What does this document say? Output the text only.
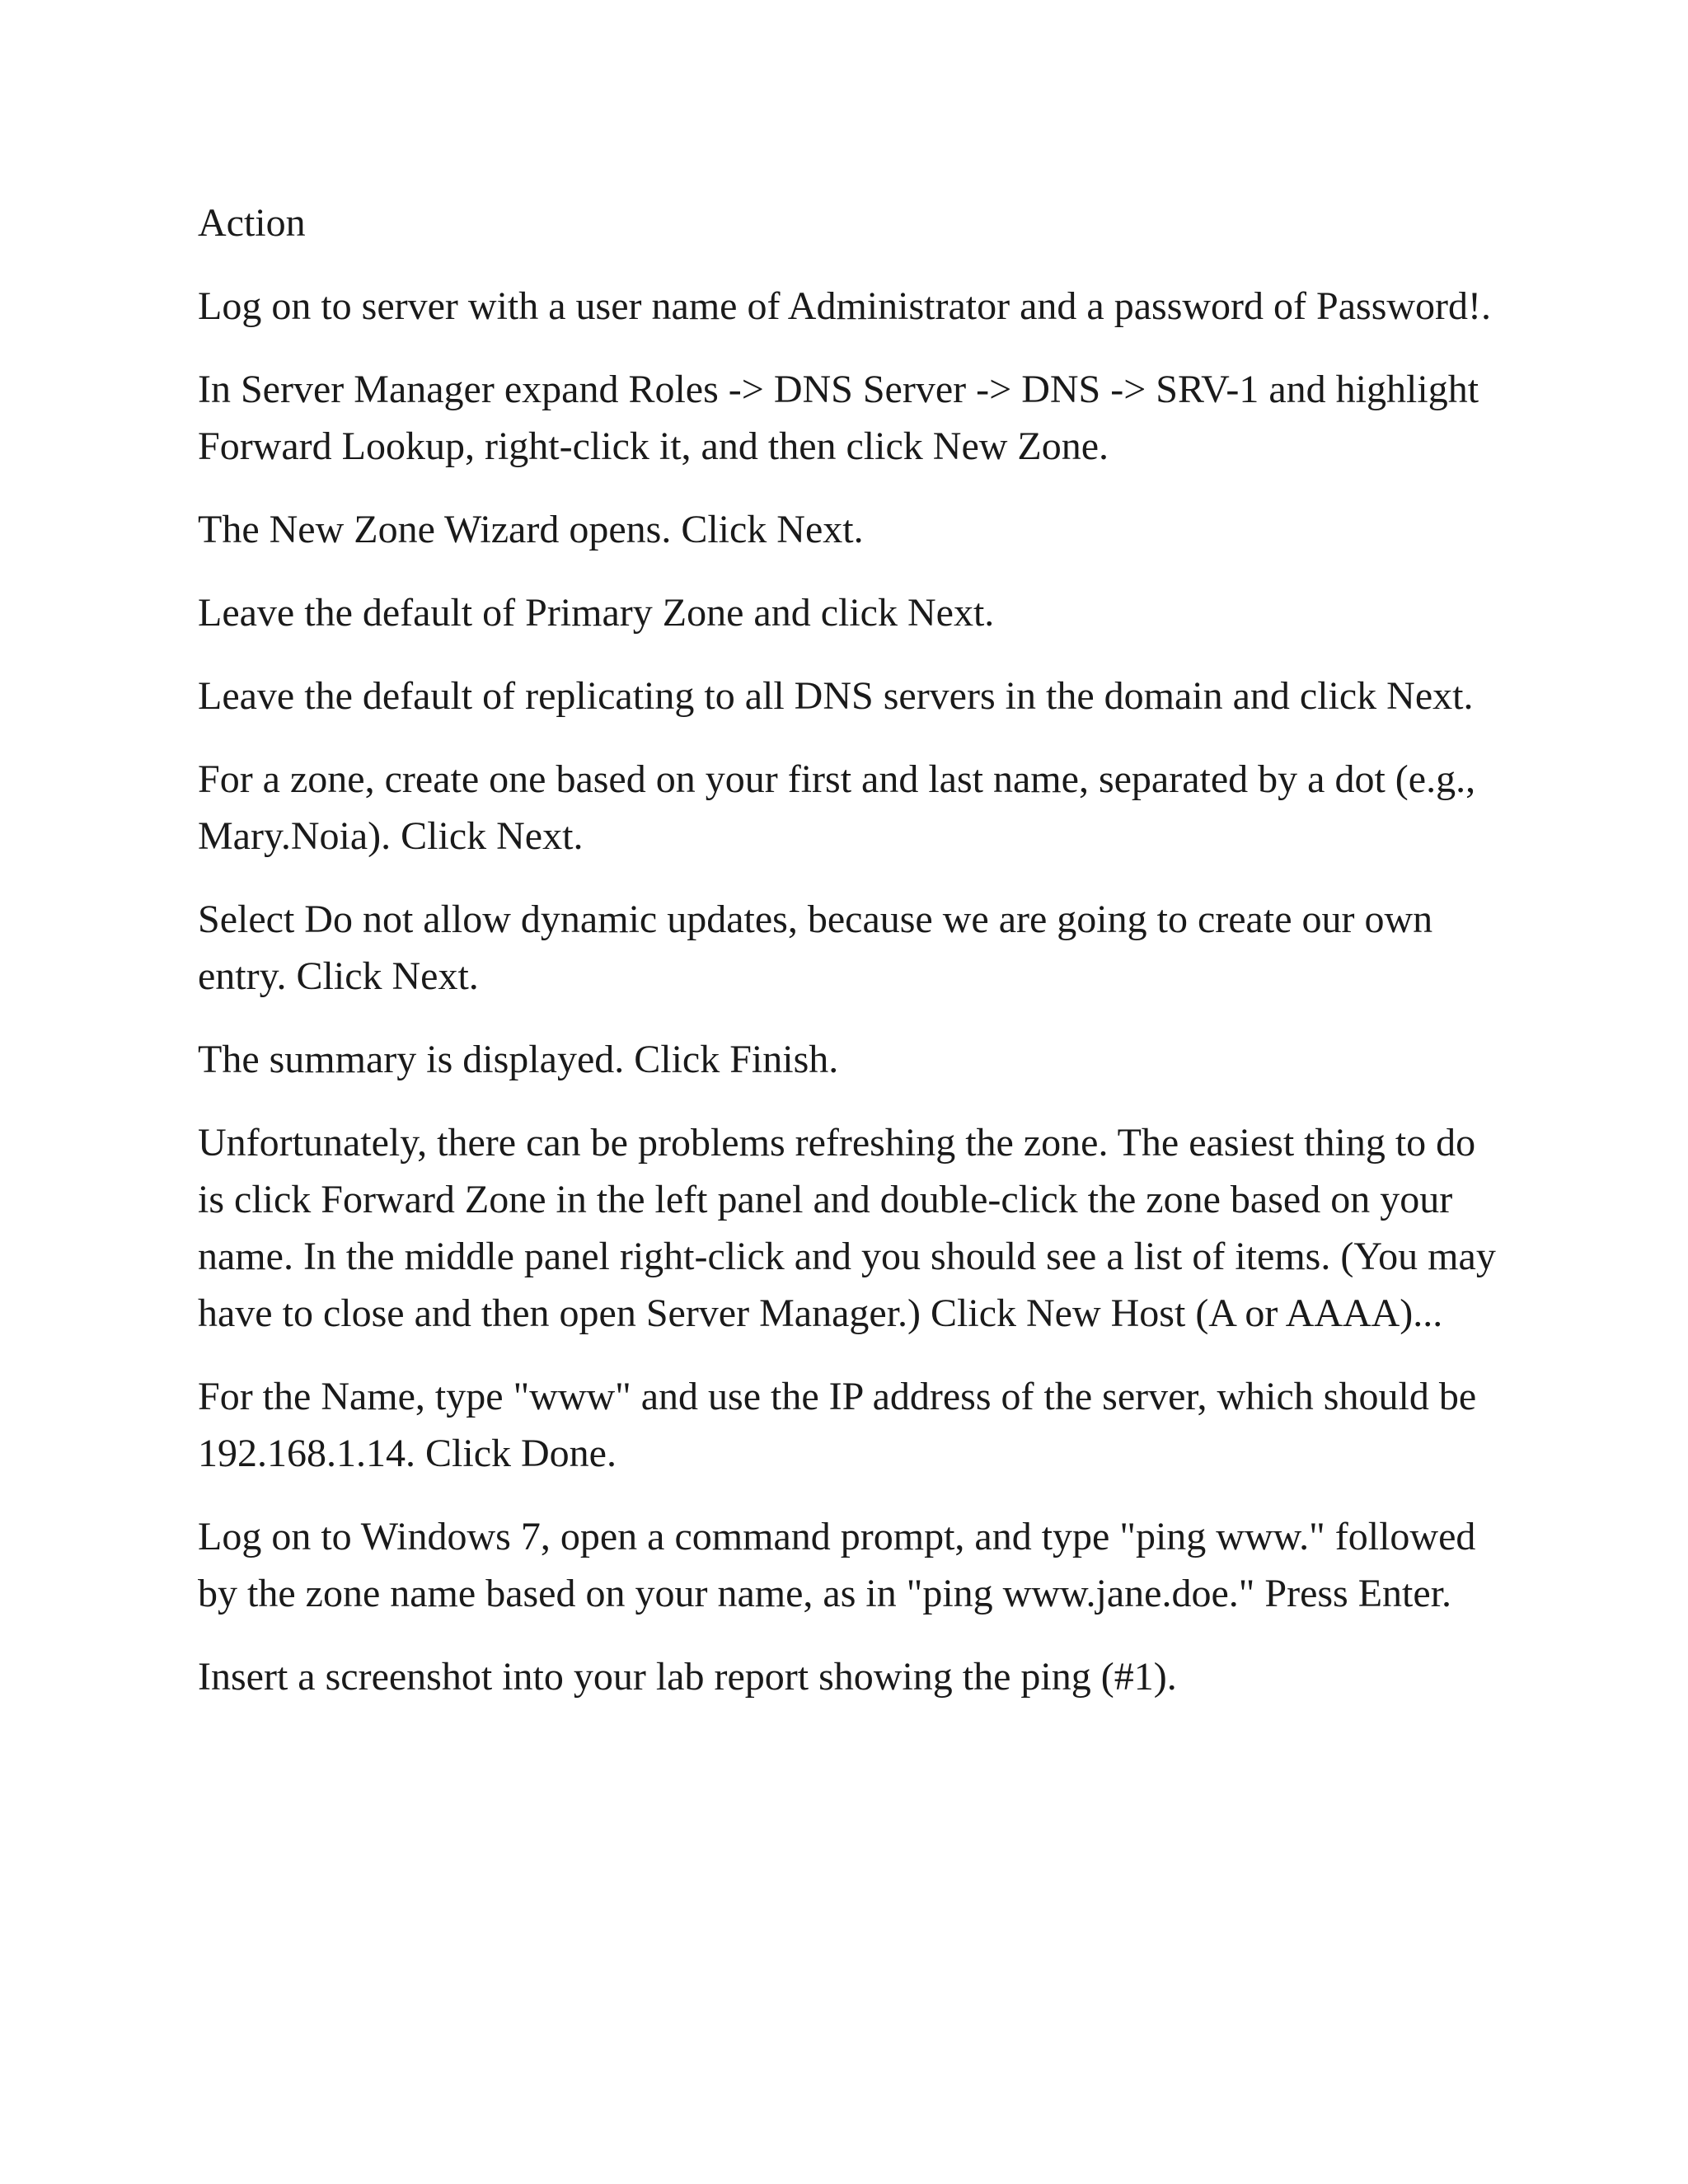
Action

Log on to server with a user name of Administrator and a password of Password!.

In Server Manager expand Roles -> DNS Server -> DNS -> SRV-1 and highlight Forward Lookup, right-click it, and then click New Zone.

The New Zone Wizard opens. Click Next.

Leave the default of Primary Zone and click Next.

Leave the default of replicating to all DNS servers in the domain and click Next.

For a zone, create one based on your first and last name, separated by a dot (e.g., Mary.Noia). Click Next.

Select Do not allow dynamic updates, because we are going to create our own entry. Click Next.

The summary is displayed. Click Finish.

Unfortunately, there can be problems refreshing the zone. The easiest thing to do is click Forward Zone in the left panel and double-click the zone based on your name. In the middle panel right-click and you should see a list of items. (You may have to close and then open Server Manager.) Click New Host (A or AAAA)...

For the Name, type "www" and use the IP address of the server, which should be 192.168.1.14. Click Done.

Log on to Windows 7, open a command prompt, and type "ping www." followed by the zone name based on your name, as in "ping www.jane.doe." Press Enter.

Insert a screenshot into your lab report showing the ping (#1).
